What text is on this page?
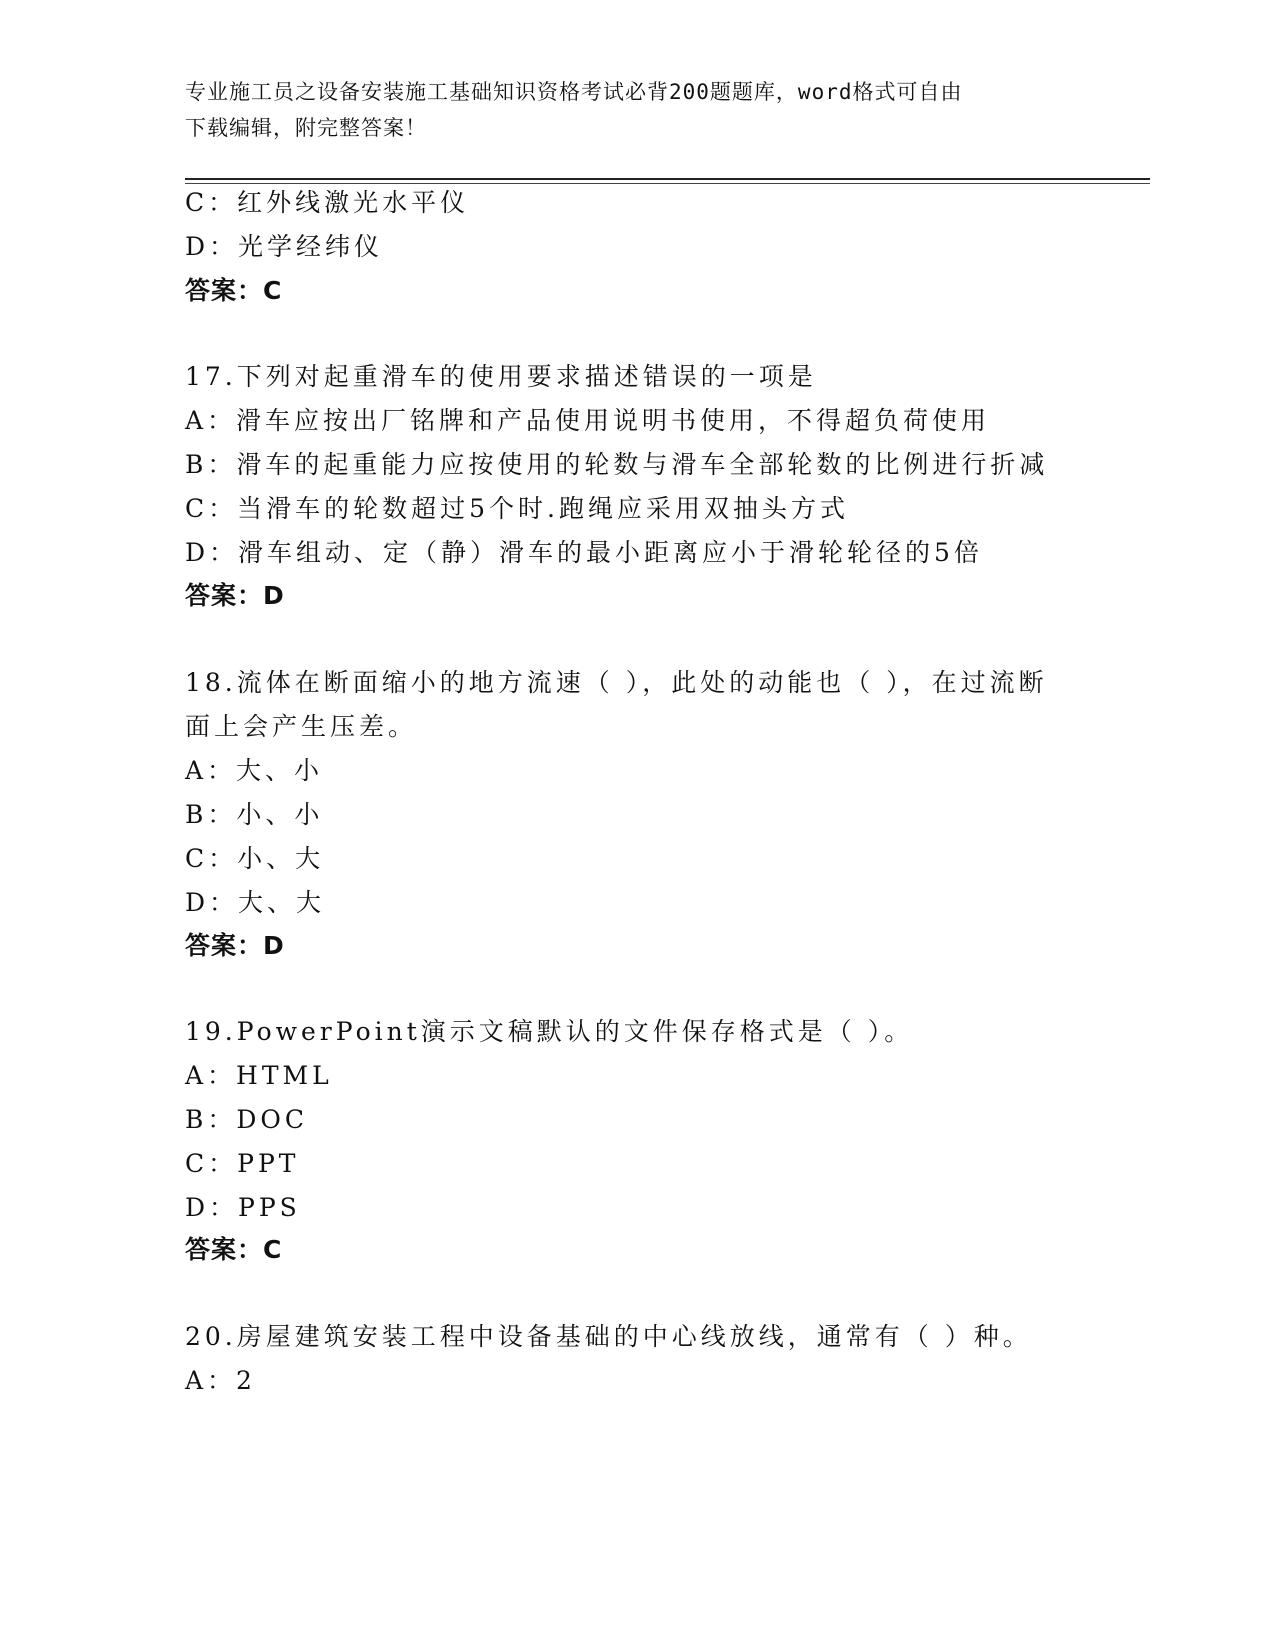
专业施工员之设备安装施工基础知识资格考试必背200题题库，word格式可自由
下载编辑，附完整答案！
C：红外线激光水平仪
D：光学经纬仪
答案：C
17.下列对起重滑车的使用要求描述错误的一项是
A：滑车应按出厂铭牌和产品使用说明书使用，不得超负荷使用
B：滑车的起重能力应按使用的轮数与滑车全部轮数的比例进行折减
C：当滑车的轮数超过5个时.跑绳应采用双抽头方式
D：滑车组动、定（静）滑车的最小距离应小于滑轮轮径的5倍
答案：D
18.流体在断面缩小的地方流速（ ），此处的动能也（ ），在过流断
面上会产生压差。
A：大、小
B：小、小
C：小、大
D：大、大
答案：D
19.PowerPoint演示文稿默认的文件保存格式是（ ）。
A：HTML
B：DOC
C：PPT
D：PPS
答案：C
20.房屋建筑安装工程中设备基础的中心线放线，通常有（ ）种。
A：2
